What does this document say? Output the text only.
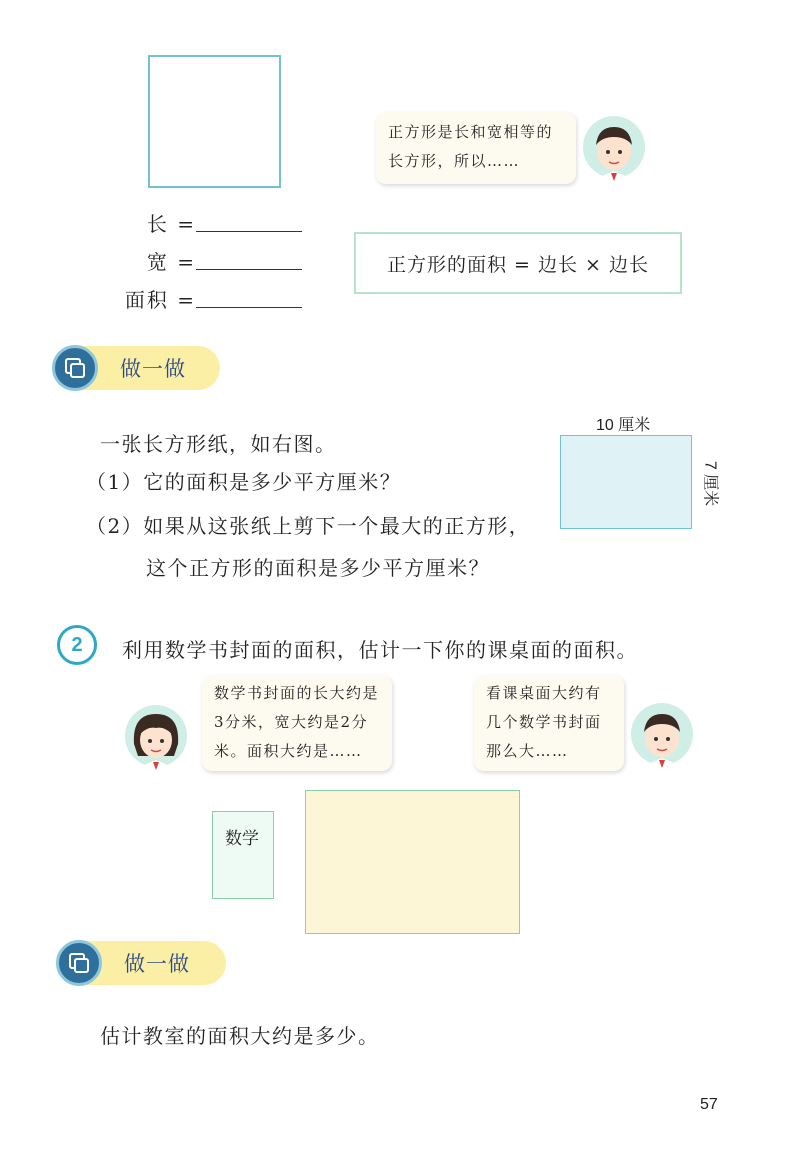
长 =
宽 =
面积 =
正方形是长和宽相等的
长方形，所以……
正方形的面积 = 边长 × 边长
做一做
一张长方形纸，如右图。
（1）它的面积是多少平方厘米？
（2）如果从这张纸上剪下一个最大的正方形，
这个正方形的面积是多少平方厘米？
10 厘米
7 厘米
2	利用数学书封面的面积，估计一下你的课桌面的面积。
数学书封面的长大约是
3分米，宽大约是2分
米。面积大约是……
看课桌面大约有
几个数学书封面
那么大……
数学
做一做
估计教室的面积大约是多少。
57
